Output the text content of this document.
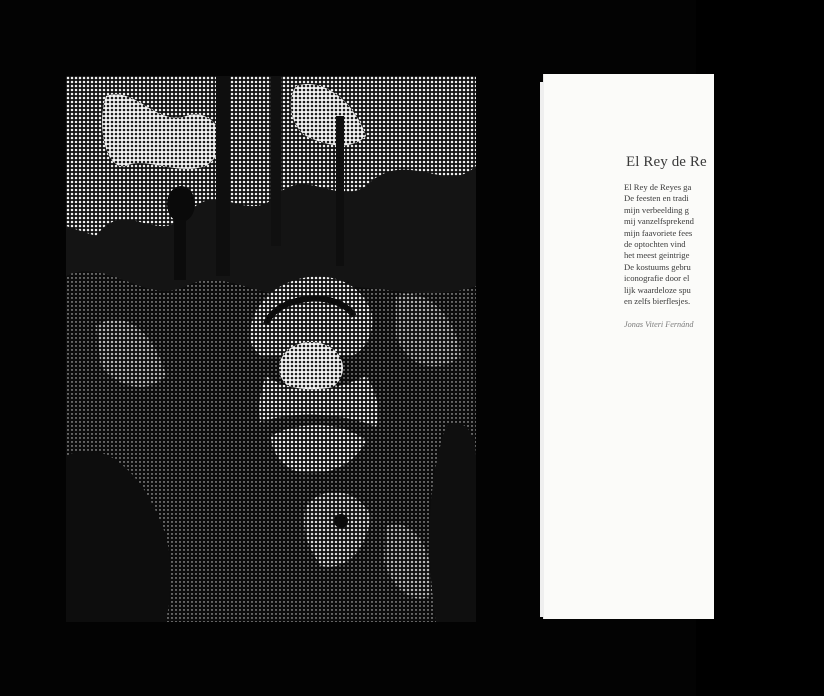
El Rey de Re
El Rey de Reyes ga
De feesten en tradi
mijn verbeelding g
mij vanzelfsprekend
mijn faavoriete fees
de optochten vind
het meest geintrige
De kostuums gebru
iconografie door el
lijk waardeloze spu
en zelfs bierflesjes.
Jonas Viteri Fernánd
